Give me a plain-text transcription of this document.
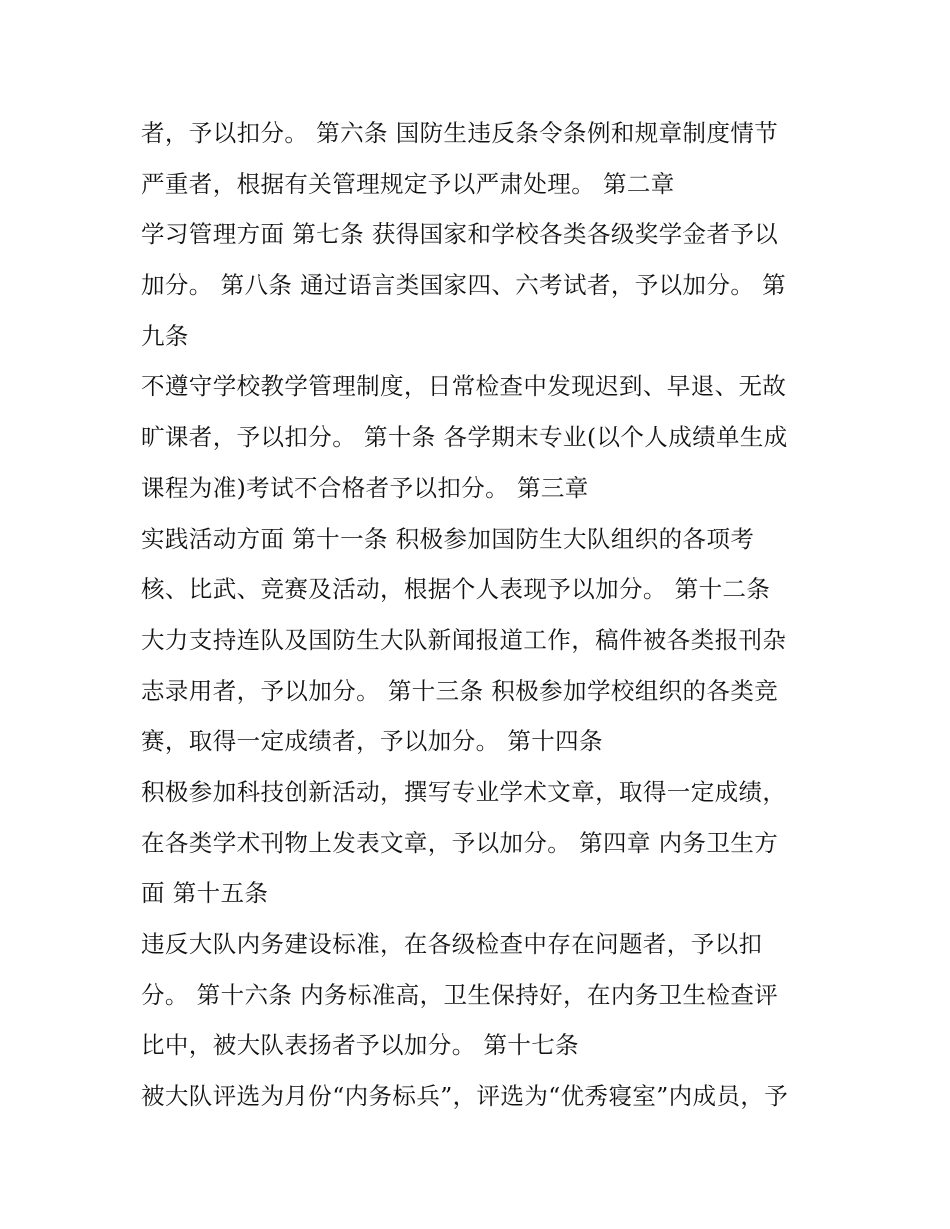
者，予以扣分。 第六条 国防生违反条令条例和规章制度情节
严重者，根据有关管理规定予以严肃处理。 第二章
学习管理方面 第七条 获得国家和学校各类各级奖学金者予以
加分。 第八条 通过语言类国家四、六考试者，予以加分。 第
九条
不遵守学校教学管理制度，日常检查中发现迟到、早退、无故
旷课者，予以扣分。 第十条 各学期末专业(以个人成绩单生成
课程为准)考试不合格者予以扣分。 第三章
实践活动方面 第十一条 积极参加国防生大队组织的各项考
核、比武、竞赛及活动，根据个人表现予以加分。 第十二条
大力支持连队及国防生大队新闻报道工作，稿件被各类报刊杂
志录用者，予以加分。 第十三条 积极参加学校组织的各类竞
赛，取得一定成绩者，予以加分。 第十四条
积极参加科技创新活动，撰写专业学术文章，取得一定成绩，
在各类学术刊物上发表文章，予以加分。 第四章 内务卫生方
面 第十五条
违反大队内务建设标准，在各级检查中存在问题者，予以扣
分。 第十六条 内务标准高，卫生保持好，在内务卫生检查评
比中，被大队表扬者予以加分。 第十七条
被大队评选为月份“内务标兵”，评选为“优秀寝室”内成员，予
